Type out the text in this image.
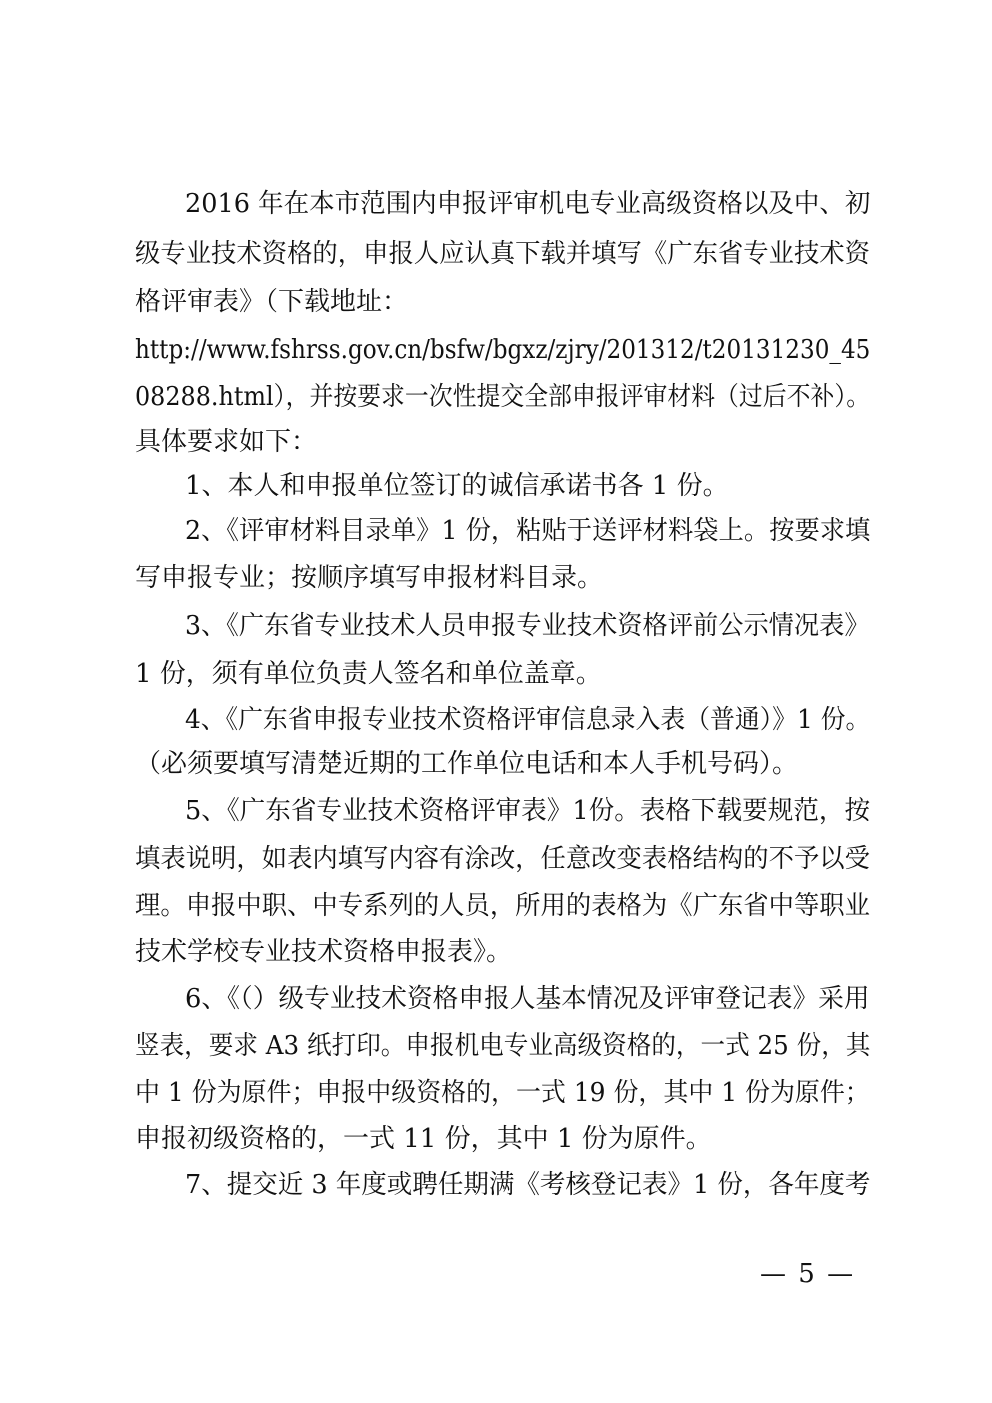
2016 年在本市范围内申报评审机电专业高级资格以及中、初
级专业技术资格的，申报人应认真下载并填写《广东省专业技术资
格评审表》（下载地址：
http://www.fshrss.gov.cn/bsfw/bgxz/zjry/201312/t20131230_45
08288.html），并按要求一次性提交全部申报评审材料（过后不补）。
具体要求如下：
1、本人和申报单位签订的诚信承诺书各 1 份。
2、《评审材料目录单》1 份，粘贴于送评材料袋上。按要求填
写申报专业；按顺序填写申报材料目录。
3、《广东省专业技术人员申报专业技术资格评前公示情况表》
1 份，须有单位负责人签名和单位盖章。
4、《广东省申报专业技术资格评审信息录入表（普通）》1 份。
（必须要填写清楚近期的工作单位电话和本人手机号码）。
5、《广东省专业技术资格评审表》1份。表格下载要规范，按
填表说明，如表内填写内容有涂改，任意改变表格结构的不予以受
理。申报中职、中专系列的人员，所用的表格为《广东省中等职业
技术学校专业技术资格申报表》。
6、《（）级专业技术资格申报人基本情况及评审登记表》采用
竖表，要求 A3 纸打印。申报机电专业高级资格的，一式 25 份，其
中 1 份为原件；申报中级资格的，一式 19 份，其中 1 份为原件；
申报初级资格的，一式 11 份，其中 1 份为原件。
7、提交近 3 年度或聘任期满《考核登记表》1 份，各年度考
— 5 —
